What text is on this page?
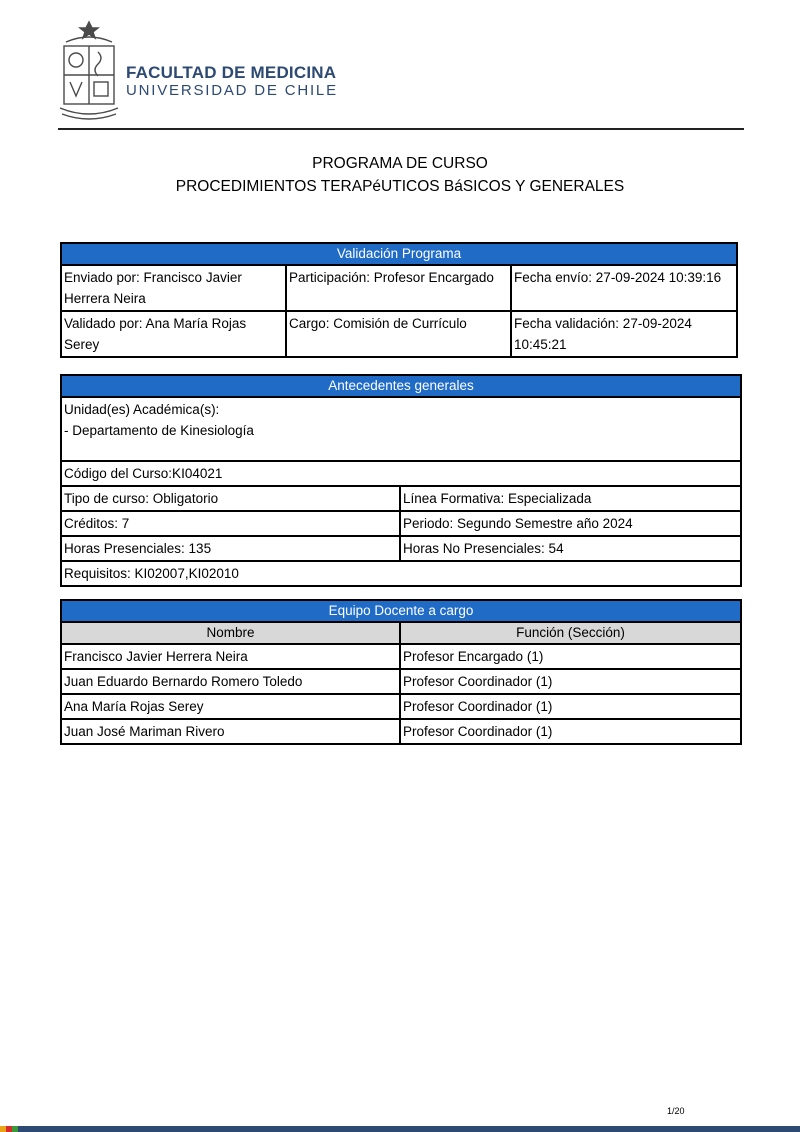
FACULTAD DE MEDICINA
UNIVERSIDAD DE CHILE
PROGRAMA DE CURSO
PROCEDIMIENTOS TERAPéUTICOS BáSICOS Y GENERALES
Validación Programa		
Enviado por: Francisco Javier Herrera Neira	Participación: Profesor Encargado	Fecha envío: 27-09-2024 10:39:16
Validado por: Ana María Rojas Serey	Cargo: Comisión de Currículo	Fecha validación: 27-09-2024 10:45:21
Antecedentes generales	

Unidad(es) Académica(s):
- Departamento de Kinesiología	

Código del Curso:KI04021	
Tipo de curso: Obligatorio	Línea Formativa: Especializada
Créditos: 7	Periodo: Segundo Semestre año 2024
Horas Presenciales: 135	Horas No Presenciales: 54
Requisitos: KI02007,KI02010	
Equipo Docente a cargo	
Nombre	Función (Sección)
Francisco Javier Herrera Neira	Profesor Encargado (1)
Juan Eduardo Bernardo Romero Toledo	Profesor Coordinador (1)
Ana María Rojas Serey	Profesor Coordinador (1)
Juan José Mariman Rivero	Profesor Coordinador (1)
1/20
